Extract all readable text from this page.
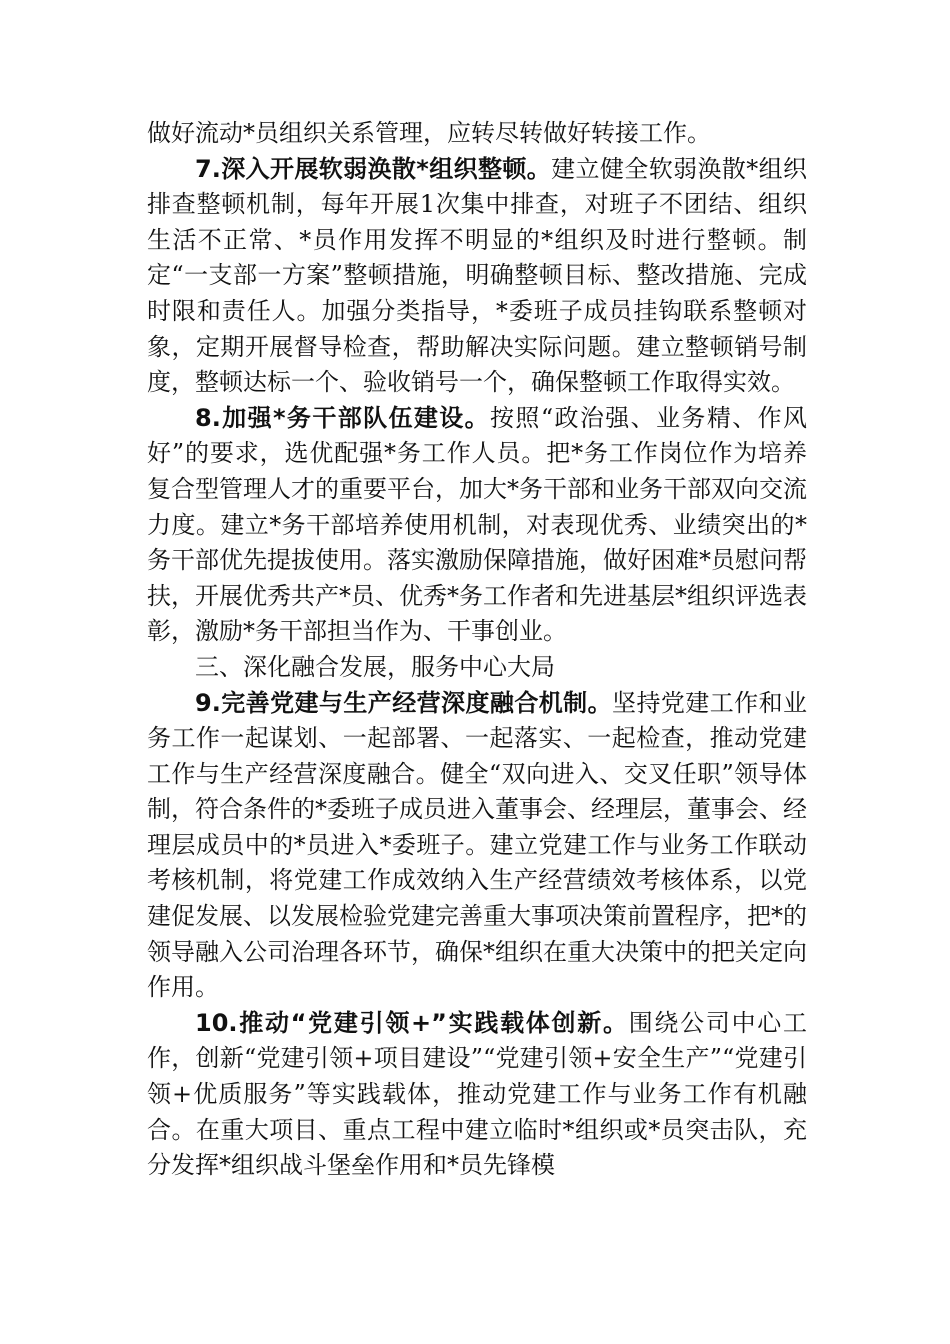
做好流动*员组织关系管理，应转尽转做好转接工作。

7.深入开展软弱涣散*组织整顿。建立健全软弱涣散*组织排查整顿机制，每年开展1次集中排查，对班子不团结、组织生活不正常、*员作用发挥不明显的*组织及时进行整顿。制定“一支部一方案”整顿措施，明确整顿目标、整改措施、完成时限和责任人。加强分类指导，*委班子成员挂钩联系整顿对象，定期开展督导检查，帮助解决实际问题。建立整顿销号制度，整顿达标一个、验收销号一个，确保整顿工作取得实效。

8.加强*务干部队伍建设。按照“政治强、业务精、作风好”的要求，选优配强*务工作人员。把*务工作岗位作为培养复合型管理人才的重要平台，加大*务干部和业务干部双向交流力度。建立*务干部培养使用机制，对表现优秀、业绩突出的*务干部优先提拔使用。落实激励保障措施，做好困难*员慰问帮扶，开展优秀共产*员、优秀*务工作者和先进基层*组织评选表彰，激励*务干部担当作为、干事创业。

三、深化融合发展，服务中心大局

9.完善党建与生产经营深度融合机制。坚持党建工作和业务工作一起谋划、一起部署、一起落实、一起检查，推动党建工作与生产经营深度融合。健全“双向进入、交叉任职”领导体制，符合条件的*委班子成员进入董事会、经理层，董事会、经理层成员中的*员进入*委班子。建立党建工作与业务工作联动考核机制，将党建工作成效纳入生产经营绩效考核体系，以党建促发展、以发展检验党建完善重大事项决策前置程序，把*的领导融入公司治理各环节，确保*组织在重大决策中的把关定向作用。

10.推动“党建引领+”实践载体创新。围绕公司中心工作，创新“党建引领+项目建设”“党建引领+安全生产”“党建引领+优质服务”等实践载体，推动党建工作与业务工作有机融合。在重大项目、重点工程中建立临时*组织或*员突击队，充分发挥*组织战斗堡垒作用和*员先锋模
